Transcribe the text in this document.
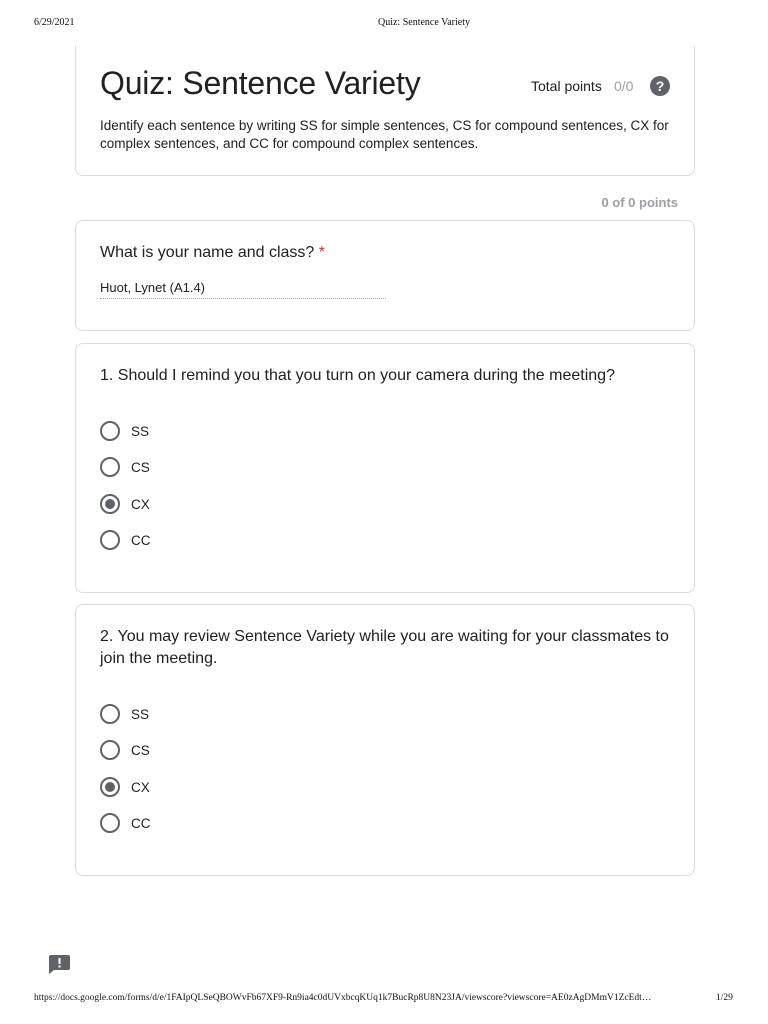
6/29/2021	Quiz: Sentence Variety
Quiz: Sentence Variety	Total points 0/0	?
Identify each sentence by writing SS for simple sentences, CS for compound sentences, CX for complex sentences, and CC for compound complex sentences.
0 of 0 points
What is your name and class? *
Huot, Lynet (A1.4)
1. Should I remind you that you turn on your camera during the meeting?
SS
CS
CX
CC
2. You may review Sentence Variety while you are waiting for your classmates to join the meeting.
SS
CS
CX
CC
https://docs.google.com/forms/d/e/1FAIpQLSeQBOWvFb67XF9-Rn9ia4c0dUVxbcqKUq1k7BucRp8U8N23JA/viewscore?viewscore=AE0zAgDMmV1ZcEdt…	1/29
